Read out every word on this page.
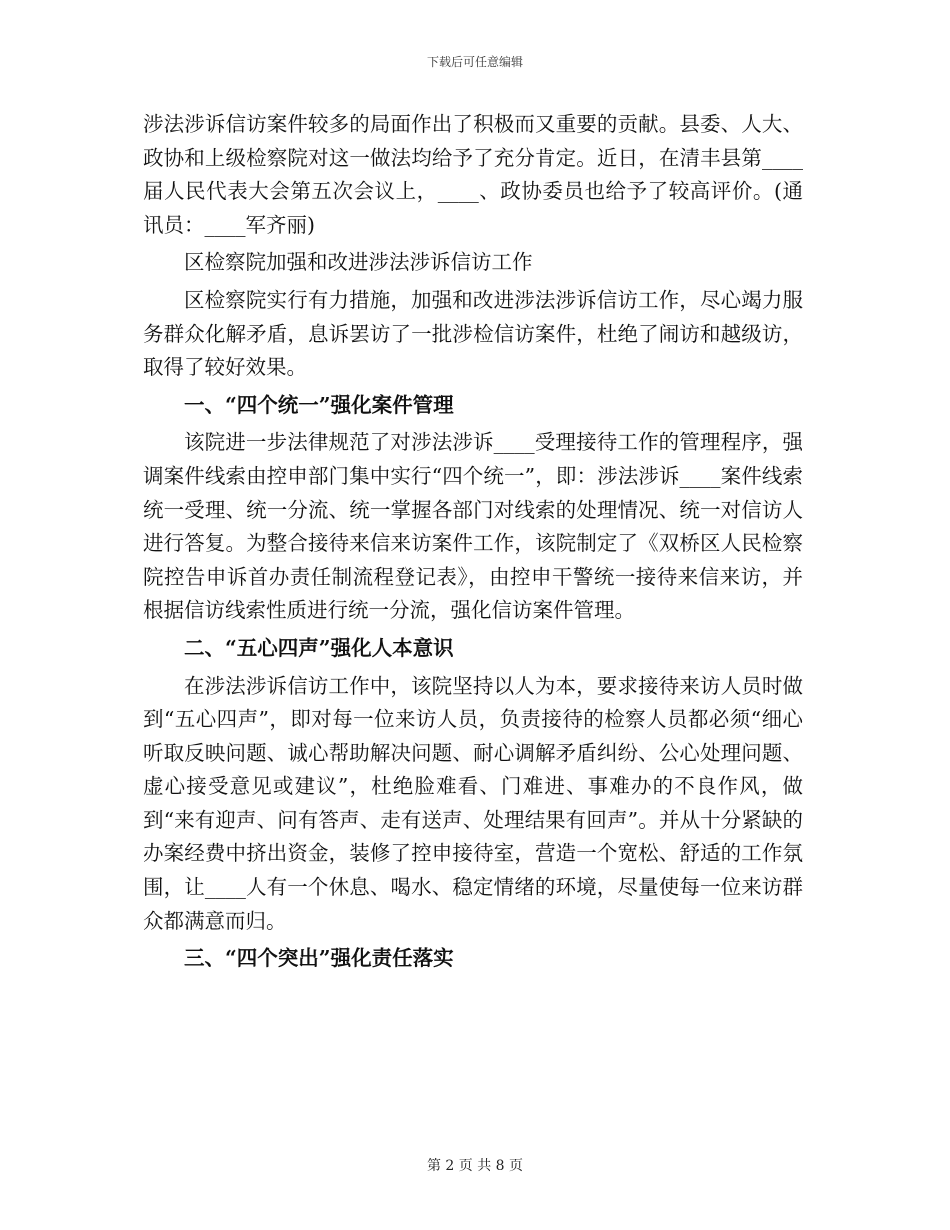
下载后可任意编辑

涉法涉诉信访案件较多的局面作出了积极而又重要的贡献。县委、人大、政协和上级检察院对这一做法均给予了充分肯定。近日，在清丰县第____届人民代表大会第五次会议上，____、政协委员也给予了较高评价。(通讯员：____军齐丽)

区检察院加强和改进涉法涉诉信访工作

区检察院实行有力措施，加强和改进涉法涉诉信访工作，尽心竭力服务群众化解矛盾，息诉罢访了一批涉检信访案件，杜绝了闹访和越级访，取得了较好效果。

一、“四个统一”强化案件管理

该院进一步法律规范了对涉法涉诉____受理接待工作的管理程序，强调案件线索由控申部门集中实行“四个统一”，即：涉法涉诉____案件线索统一受理、统一分流、统一掌握各部门对线索的处理情况、统一对信访人进行答复。为整合接待来信来访案件工作，该院制定了《双桥区人民检察院控告申诉首办责任制流程登记表》，由控申干警统一接待来信来访，并根据信访线索性质进行统一分流，强化信访案件管理。

二、“五心四声”强化人本意识

在涉法涉诉信访工作中，该院坚持以人为本，要求接待来访人员时做到“五心四声”，即对每一位来访人员，负责接待的检察人员都必须“细心听取反映问题、诚心帮助解决问题、耐心调解矛盾纠纷、公心处理问题、虚心接受意见或建议”，杜绝脸难看、门难进、事难办的不良作风，做到“来有迎声、问有答声、走有送声、处理结果有回声”。并从十分紧缺的办案经费中挤出资金，装修了控申接待室，营造一个宽松、舒适的工作氛围，让____人有一个休息、喝水、稳定情绪的环境，尽量使每一位来访群众都满意而归。

三、“四个突出”强化责任落实

第 2 页 共 8 页
